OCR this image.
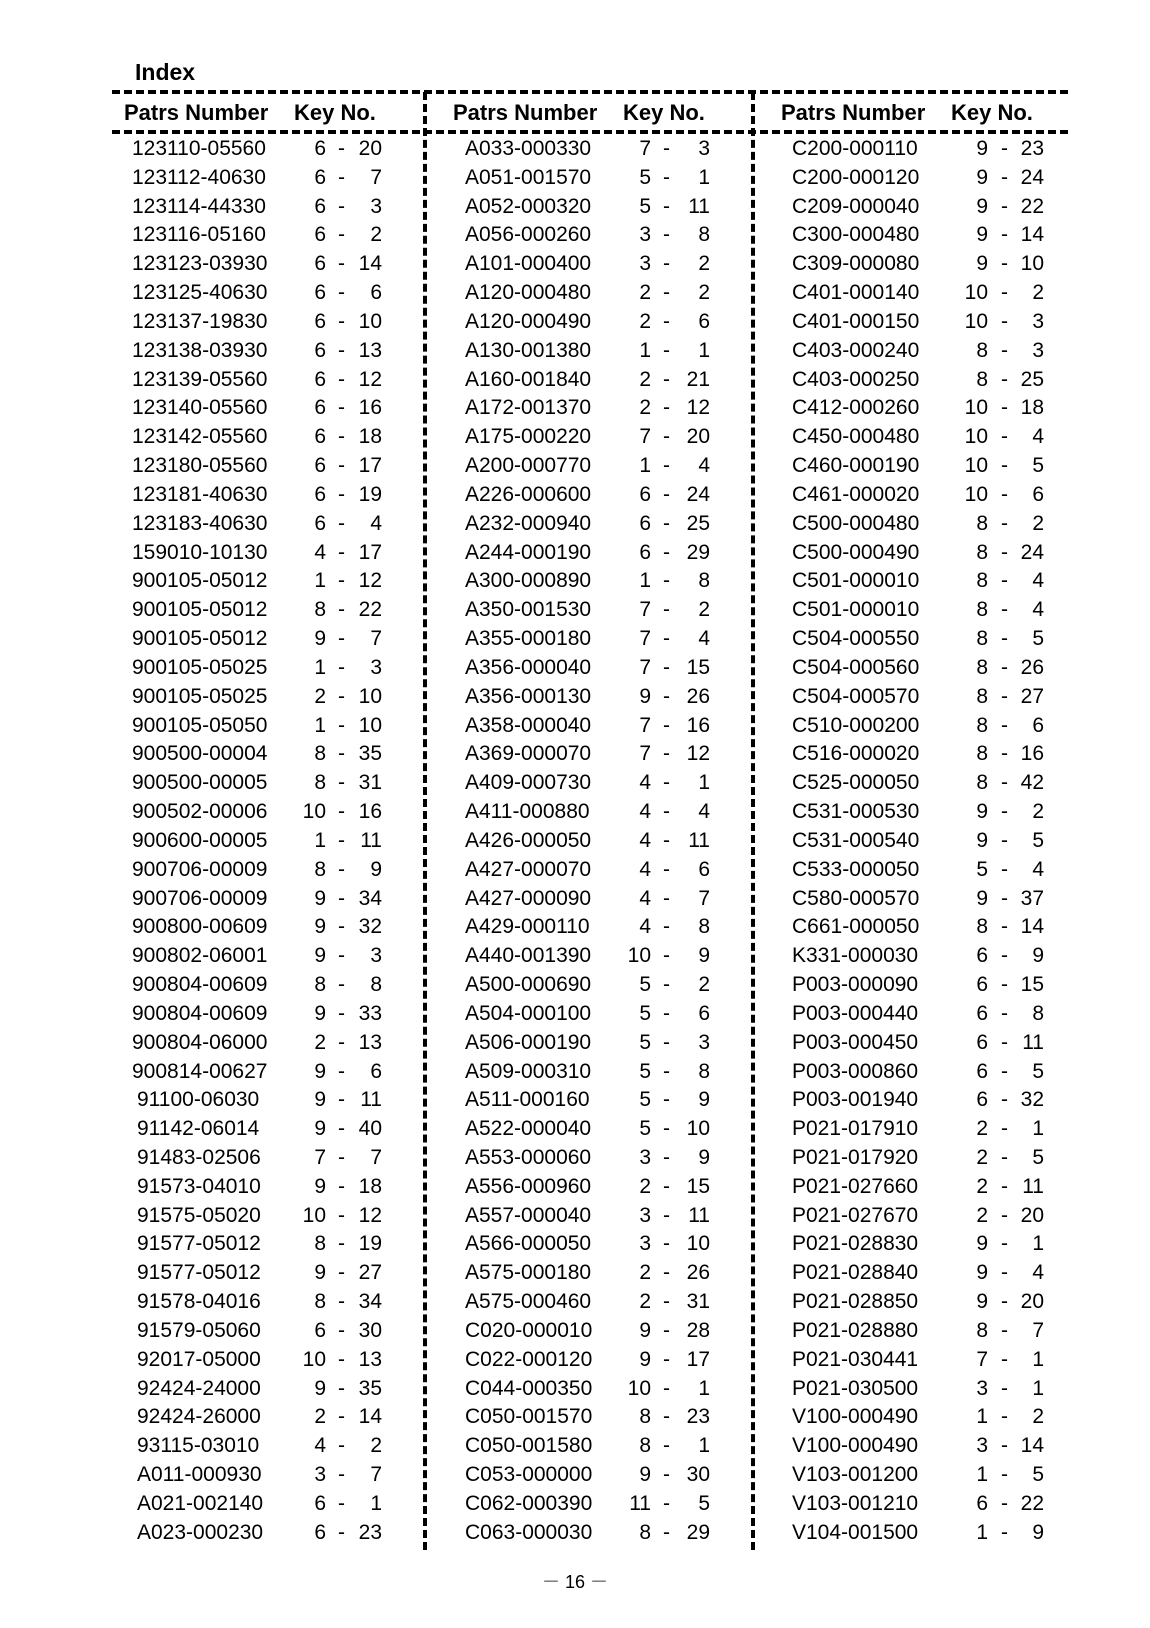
Index
Patrs Number Key No.	Patrs Number Key No.	Patrs Number Key No.
123110-05560	6 - 20
123112-40630	6 -	7
123114-44330	6 -	3
123116-05160	6 -	2
123123-03930	6 - 14
123125-40630	6 -	6
123137-19830	6 - 10
123138-03930	6 - 13
123139-05560	6 - 12
123140-05560	6 - 16
123142-05560	6 - 18
123180-05560	6 - 17
123181-40630	6 - 19
123183-40630	6 -	4
159010-10130	4 - 17
900105-05012	1 - 12
900105-05012	8 - 22
900105-05012	9 -	7
900105-05025	1 -	3
900105-05025	2 - 10
900105-05050	1 - 10
900500-00004	8 - 35
900500-00005	8 - 31
900502-00006	10 - 16
900600-00005	1 - 11
900706-00009	8 -	9
900706-00009	9 - 34
900800-00609	9 - 32
900802-06001	9 -	3
900804-00609	8 -	8
900804-00609	9 - 33
900804-06000	2 - 13
900814-00627	9 -	6
91100-06030	9 - 11
91142-06014	9 - 40
91483-02506	7 -	7
91573-04010	9 - 18
91575-05020	10 - 12
91577-05012	8 - 19
91577-05012	9 - 27
91578-04016	8 - 34
91579-05060	6 - 30
92017-05000	10 - 13
92424-24000	9 - 35
92424-26000	2 - 14
93115-03010	4 -	2
A011-000930	3 -	7
A021-002140	6 -	1
A023-000230	6 - 23
A033-000330	7 -	3
A051-001570	5 -	1
A052-000320	5 - 11
A056-000260	3 -	8
A101-000400	3 -	2
A120-000480	2 -	2
A120-000490	2 -	6
A130-001380	1 -	1
A160-001840	2 - 21
A172-001370	2 - 12
A175-000220	7 - 20
A200-000770	1 -	4
A226-000600	6 - 24
A232-000940	6 - 25
A244-000190	6 - 29
A300-000890	1 -	8
A350-001530	7 -	2
A355-000180	7 -	4
A356-000040	7 - 15
A356-000130	9 - 26
A358-000040	7 - 16
A369-000070	7 - 12
A409-000730	4 -	1
A411-000880	4 -	4
A426-000050	4 - 11
A427-000070	4 -	6
A427-000090	4 -	7
A429-000110	4 -	8
A440-001390	10 -	9
A500-000690	5 -	2
A504-000100	5 -	6
A506-000190	5 -	3
A509-000310	5 -	8
A511-000160	5 -	9
A522-000040	5 - 10
A553-000060	3 -	9
A556-000960	2 - 15
A557-000040	3 - 11
A566-000050	3 - 10
A575-000180	2 - 26
A575-000460	2 - 31
C020-000010	9 - 28
C022-000120	9 - 17
C044-000350	10 -	1
C050-001570	8 - 23
C050-001580	8 -	1
C053-000000	9 - 30
C062-000390	11 -	5
C063-000030	8 - 29
C200-000110	9 - 23
C200-000120	9 - 24
C209-000040	9 - 22
C300-000480	9 - 14
C309-000080	9 - 10
C401-000140	10 -	2
C401-000150	10 -	3
C403-000240	8 -	3
C403-000250	8 - 25
C412-000260	10 - 18
C450-000480	10 -	4
C460-000190	10 -	5
C461-000020	10 -	6
C500-000480	8 -	2
C500-000490	8 - 24
C501-000010	8 -	4
C501-000010	8 -	4
C504-000550	8 -	5
C504-000560	8 - 26
C504-000570	8 - 27
C510-000200	8 -	6
C516-000020	8 - 16
C525-000050	8 - 42
C531-000530	9 -	2
C531-000540	9 -	5
C533-000050	5 -	4
C580-000570	9 - 37
C661-000050	8 - 14
K331-000030	6 -	9
P003-000090	6 - 15
P003-000440	6 -	8
P003-000450	6 - 11
P003-000860	6 -	5
P003-001940	6 - 32
P021-017910	2 -	1
P021-017920	2 -	5
P021-027660	2 - 11
P021-027670	2 - 20
P021-028830	9 -	1
P021-028840	9 -	4
P021-028850	9 - 20
P021-028880	8 -	7
P021-030441	7 -	1
P021-030500	3 -	1
V100-000490	1 -	2
V100-000490	3 - 14
V103-001200	1 -	5
V103-001210	6 - 22
V104-001500	1 -	9
－ 16 －
